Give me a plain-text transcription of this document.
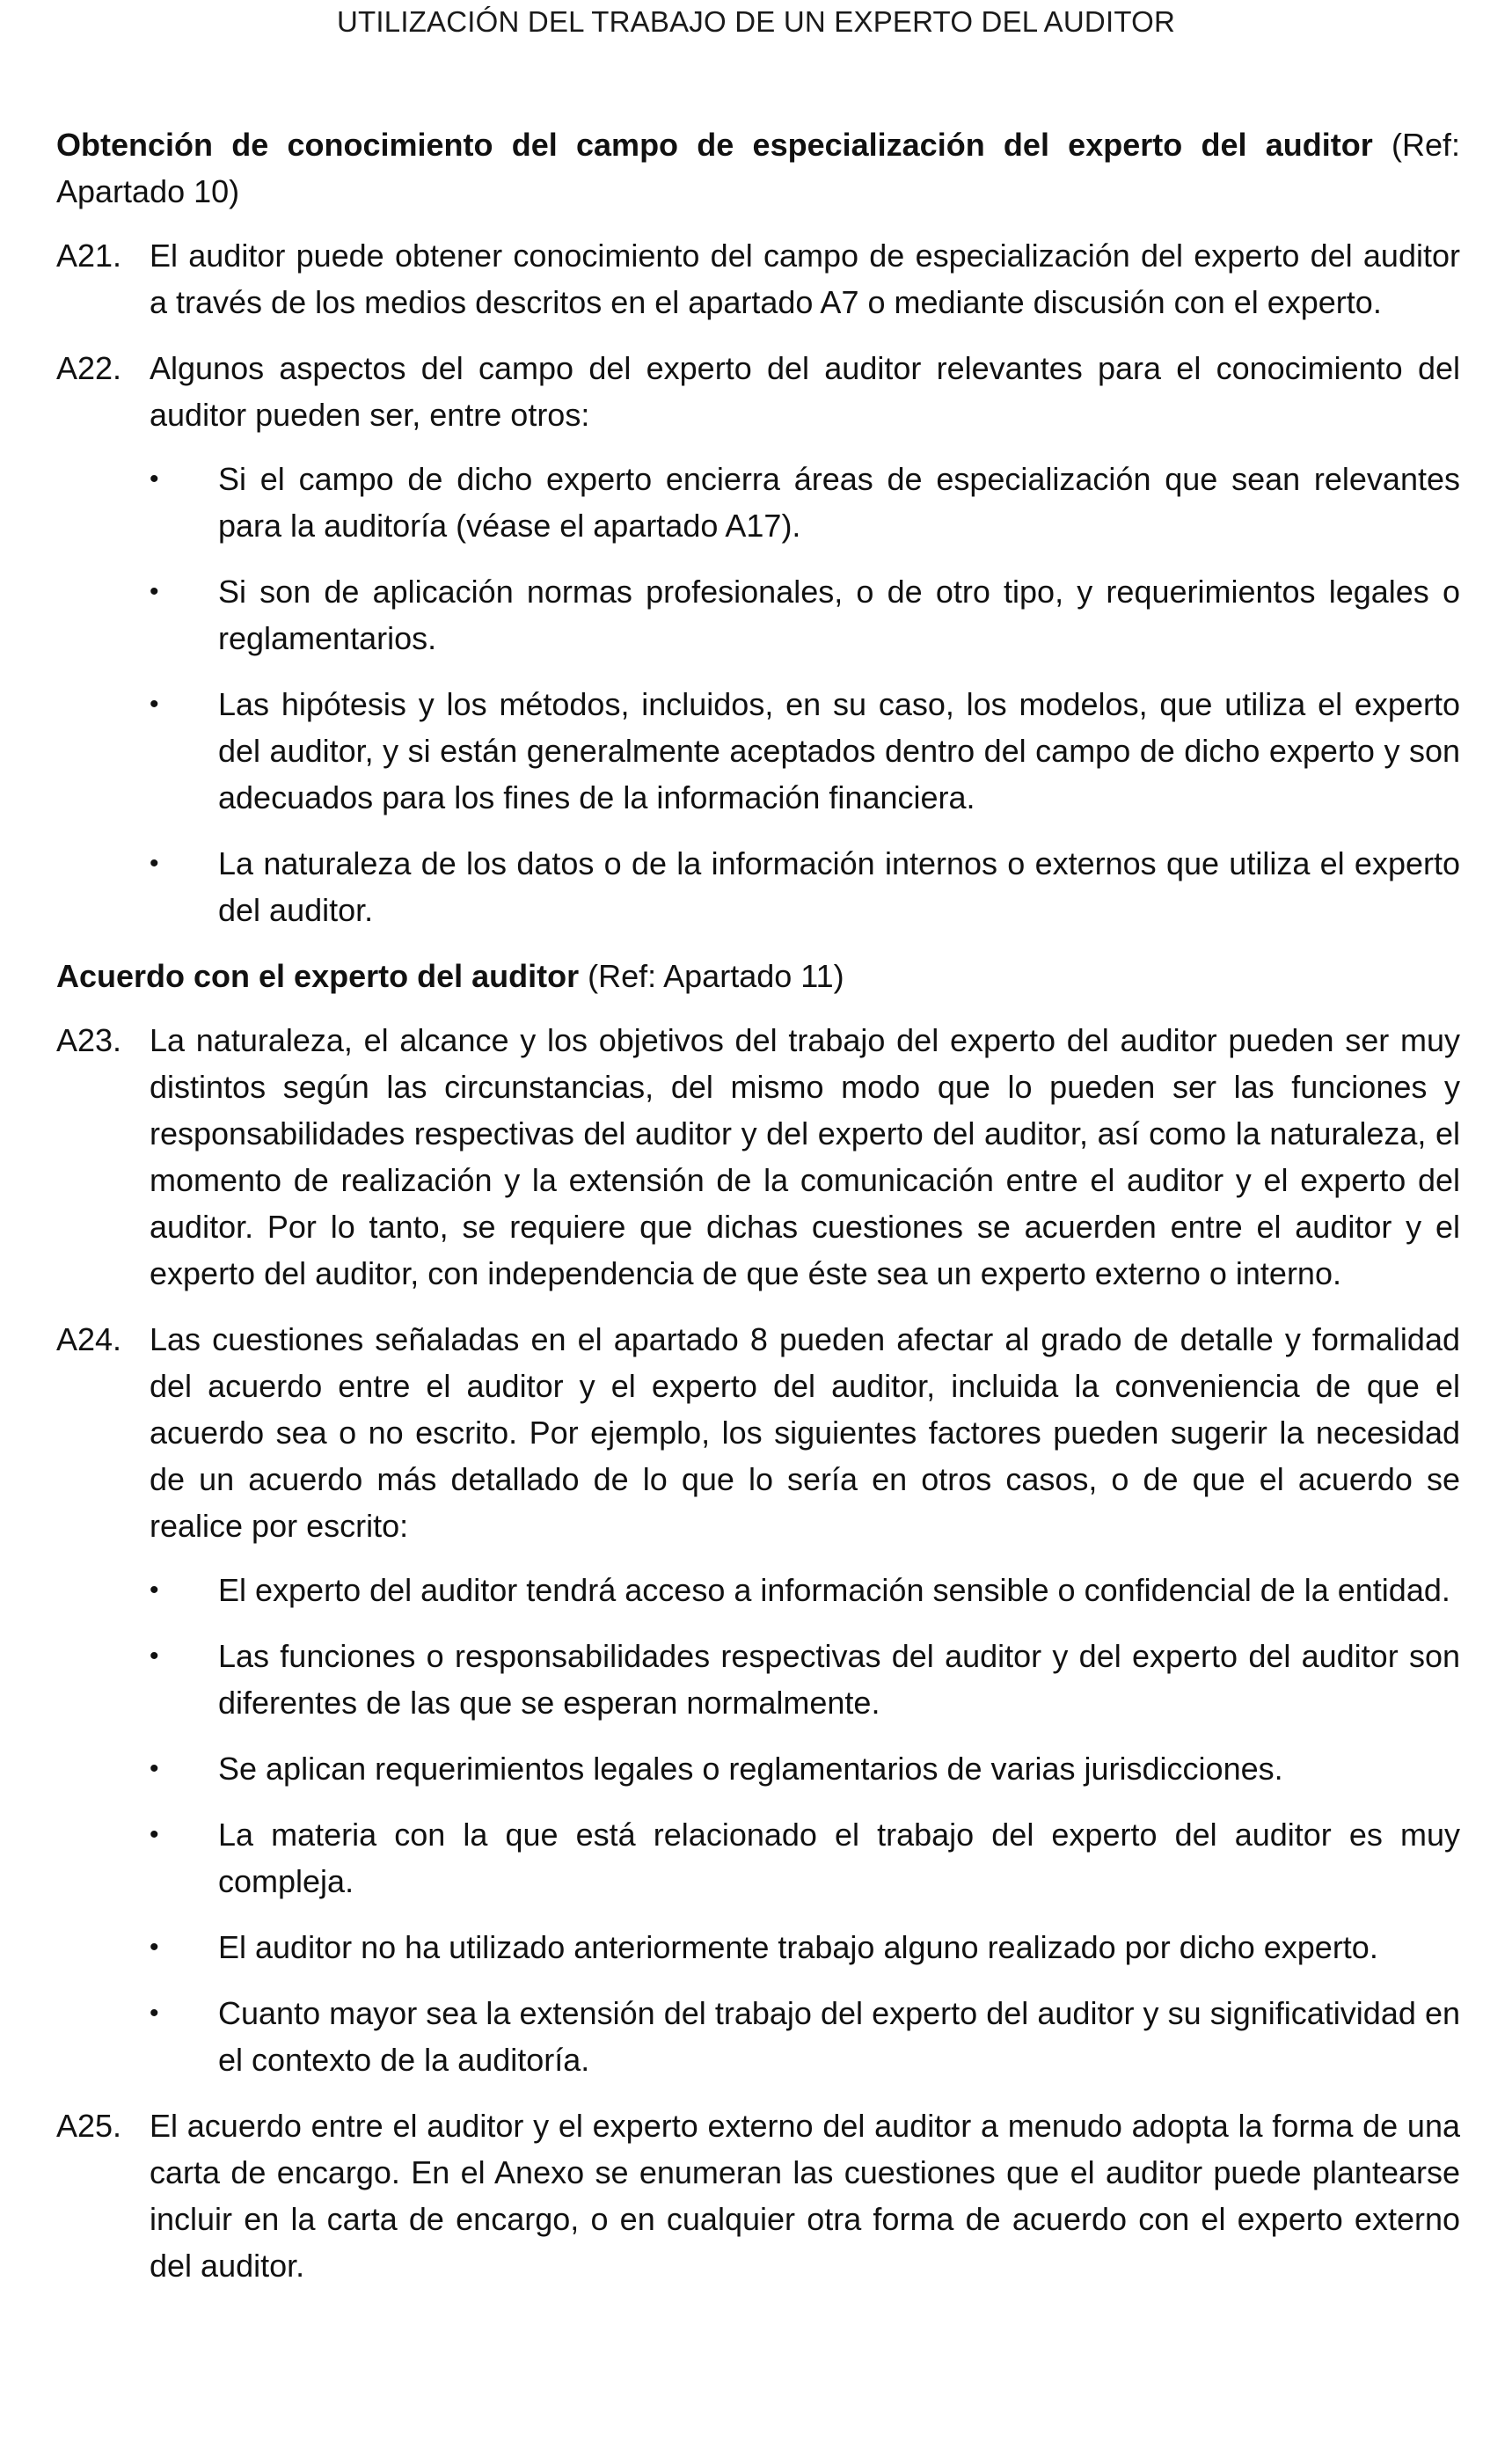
UTILIZACIÓN DEL TRABAJO DE UN EXPERTO DEL AUDITOR
Obtención de conocimiento del campo de especialización del experto del auditor (Ref: Apartado 10)
A21. El auditor puede obtener conocimiento del campo de especialización del experto del auditor a través de los medios descritos en el apartado A7 o mediante discusión con el experto.
A22. Algunos aspectos del campo del experto del auditor relevantes para el conocimiento del auditor pueden ser, entre otros:
•	Si el campo de dicho experto encierra áreas de especialización que sean relevantes para la auditoría (véase el apartado A17).
•	Si son de aplicación normas profesionales, o de otro tipo, y requerimientos legales o reglamentarios.
•	Las hipótesis y los métodos, incluidos, en su caso, los modelos, que utiliza el experto del auditor, y si están generalmente aceptados dentro del campo de dicho experto y son adecuados para los fines de la información financiera.
•	La naturaleza de los datos o de la información internos o externos que utiliza el experto del auditor.
Acuerdo con el experto del auditor (Ref: Apartado 11)
A23. La naturaleza, el alcance y los objetivos del trabajo del experto del auditor pueden ser muy distintos según las circunstancias, del mismo modo que lo pueden ser las funciones y responsabilidades respectivas del auditor y del experto del auditor, así como la naturaleza, el momento de realización y la extensión de la comunicación entre el auditor y el experto del auditor. Por lo tanto, se requiere que dichas cuestiones se acuerden entre el auditor y el experto del auditor, con independencia de que éste sea un experto externo o interno.
A24. Las cuestiones señaladas en el apartado 8 pueden afectar al grado de detalle y formalidad del acuerdo entre el auditor y el experto del auditor, incluida la conveniencia de que el acuerdo sea o no escrito. Por ejemplo, los siguientes factores pueden sugerir la necesidad de un acuerdo más detallado de lo que lo sería en otros casos, o de que el acuerdo se realice por escrito:
•	El experto del auditor tendrá acceso a información sensible o confidencial de la entidad.
•	Las funciones o responsabilidades respectivas del auditor y del experto del auditor son diferentes de las que se esperan normalmente.
•	Se aplican requerimientos legales o reglamentarios de varias jurisdicciones.
•	La materia con la que está relacionado el trabajo del experto del auditor es muy compleja.
•	El auditor no ha utilizado anteriormente trabajo alguno realizado por dicho experto.
•	Cuanto mayor sea la extensión del trabajo del experto del auditor y su significatividad en el contexto de la auditoría.
A25. El acuerdo entre el auditor y el experto externo del auditor a menudo adopta la forma de una carta de encargo. En el Anexo se enumeran las cuestiones que el auditor puede plantearse incluir en la carta de encargo, o en cualquier otra forma de acuerdo con el experto externo del auditor.
